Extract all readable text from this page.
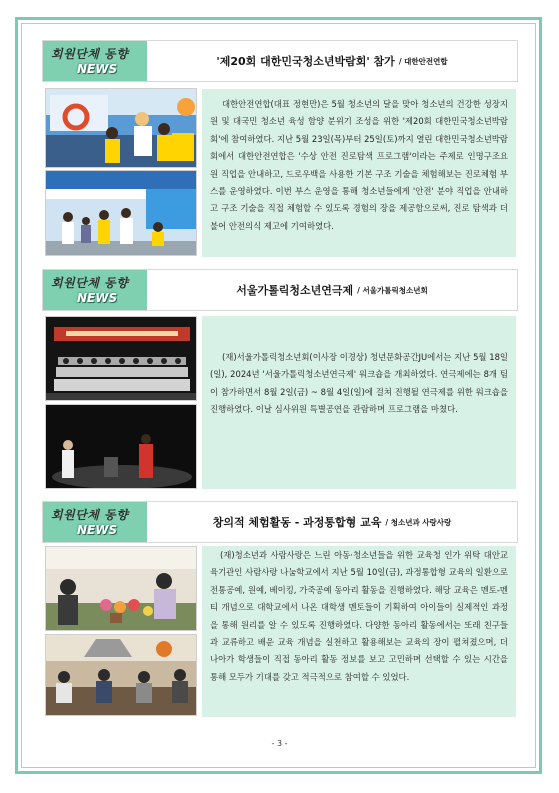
회원단체 동향
NEWS
'제20회 대한민국청소년박람회' 참가 / 대한안전연합
대한안전연합(대표 정현만)은 5월 청소년의 달을 맞아 청소년의 건강한 성장지원 및 대국민 청소년 육성 함양 분위기 조성을 위한 '제20회 대한민국청소년박람회'에 참여하였다. 지난 5월 23일(목)부터 25일(토)까지 열린 대한민국청소년박람회에서 대한안전연합은 '수상 안전 진로탐색 프로그램'이라는 주제로 인명구조요원 직업을 안내하고, 드로우백을 사용한 기본 구조 기술을 체험해보는 진로체험 부스를 운영하였다. 이번 부스 운영을 통해 청소년들에게 '안전' 분야 직업을 안내하고 구조 기술을 직접 체험할 수 있도록 경험의 장을 제공함으로써, 진로 탐색과 더불어 안전의식 제고에 기여하였다.
회원단체 동향
NEWS
서울가톨릭청소년연극제 / 서울가톨릭청소년회
(재)서울가톨릭청소년회(이사장 이경상) 청년문화공간JU에서는 지난 5월 18일(일), 2024년 '서울가톨릭청소년연극제' 워크숍을 개최하였다. 연극제에는 8개 팀이 참가하면서 8월 2일(금) ~ 8월 4일(일)에 걸쳐 진행될 연극제를 위한 워크숍을 진행하였다. 이날 심사위원 특별공연을 관람하며 프로그램을 마쳤다.
회원단체 동향
NEWS
창의적 체험활동 - 과정통합형 교육 / 청소년과 사랑사랑
(재)청소년과 사람사랑은 느린 아동·청소년들을 위한 교육청 인가 위탁 대안교육기관인 사람사랑 나눔학교에서 지난 5월 10일(금), 과정통합형 교육의 일환으로 전통공예, 원예, 베이킹, 가죽공예 동아리 활동을 진행하였다. 해당 교육은 멘토-멘티 개념으로 대학교에서 나온 대학생 멘토들이 기획하여 아이들이 실제적인 과정을 통해 원리를 알 수 있도록 진행하였다. 다양한 동아리 활동에서는 또래 친구들과 교류하고 배운 교육 개념을 실천하고 활용해보는 교육의 장이 펼쳐졌으며, 더 나아가 학생들이 직접 동아리 활동 정보를 보고 고민하며 선택할 수 있는 시간을 통해 모두가 기대를 갖고 적극적으로 참여할 수 있었다.
- 3 -
